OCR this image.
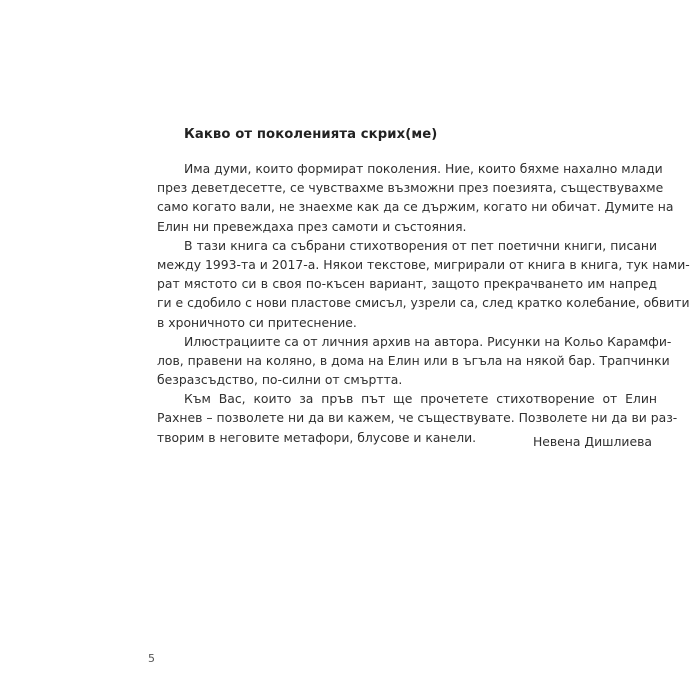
Какво от поколенията скрих(ме)
Има думи, които формират поколения. Ние, които бяхме нахално млади
през деветдесетте, се чувствахме възможни през поезията, съществувахме
само когато вали, не знаехме как да се държим, когато ни обичат. Думите на
Елин ни превеждаха през самоти и състояния.
В тази книга са събрани стихотворения от пет поетични книги, писани
между 1993-та и 2017-а. Някои текстове, мигрирали от книга в книга, тук нами-
рат мястото си в своя по-късен вариант, защото прекрачването им напред
ги е сдобило с нови пластове смисъл, узрели са, след кратко колебание, обвити
в хроничното си притеснение.
Илюстрациите са от личния архив на автора. Рисунки на Кольо Карамфи-
лов, правени на коляно, в дома на Елин или в ъгъла на някой бар. Трапчинки
безразсъдство, по-силни от смъртта.
Към Вас, които за пръв път ще прочетете стихотворение от Елин
Рахнев – позволете ни да ви кажем, че съществувате. Позволете ни да ви раз-
творим в неговите метафори, блусове и канели.	Невена Дишлиева
5
